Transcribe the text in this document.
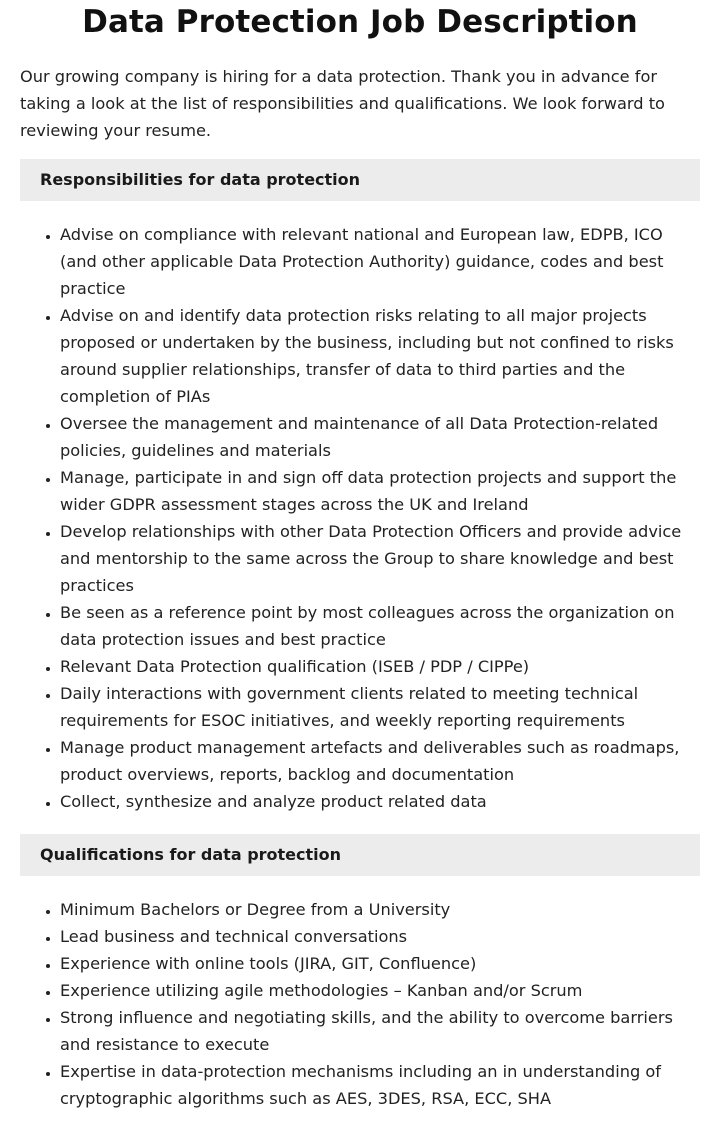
Data Protection Job Description

Our growing company is hiring for a data protection. Thank you in advance for taking a look at the list of responsibilities and qualifications. We look forward to reviewing your resume.

Responsibilities for data protection
• Advise on compliance with relevant national and European law, EDPB, ICO (and other applicable Data Protection Authority) guidance, codes and best practice
• Advise on and identify data protection risks relating to all major projects proposed or undertaken by the business, including but not confined to risks around supplier relationships, transfer of data to third parties and the completion of PIAs
• Oversee the management and maintenance of all Data Protection-related policies, guidelines and materials
• Manage, participate in and sign off data protection projects and support the wider GDPR assessment stages across the UK and Ireland
• Develop relationships with other Data Protection Officers and provide advice and mentorship to the same across the Group to share knowledge and best practices
• Be seen as a reference point by most colleagues across the organization on data protection issues and best practice
• Relevant Data Protection qualification (ISEB / PDP / CIPPe)
• Daily interactions with government clients related to meeting technical requirements for ESOC initiatives, and weekly reporting requirements
• Manage product management artefacts and deliverables such as roadmaps, product overviews, reports, backlog and documentation
• Collect, synthesize and analyze product related data
Qualifications for data protection
• Minimum Bachelors or Degree from a University
• Lead business and technical conversations
• Experience with online tools (JIRA, GIT, Confluence)
• Experience utilizing agile methodologies – Kanban and/or Scrum
• Strong influence and negotiating skills, and the ability to overcome barriers and resistance to execute
• Expertise in data-protection mechanisms including an in understanding of cryptographic algorithms such as AES, 3DES, RSA, ECC, SHA
